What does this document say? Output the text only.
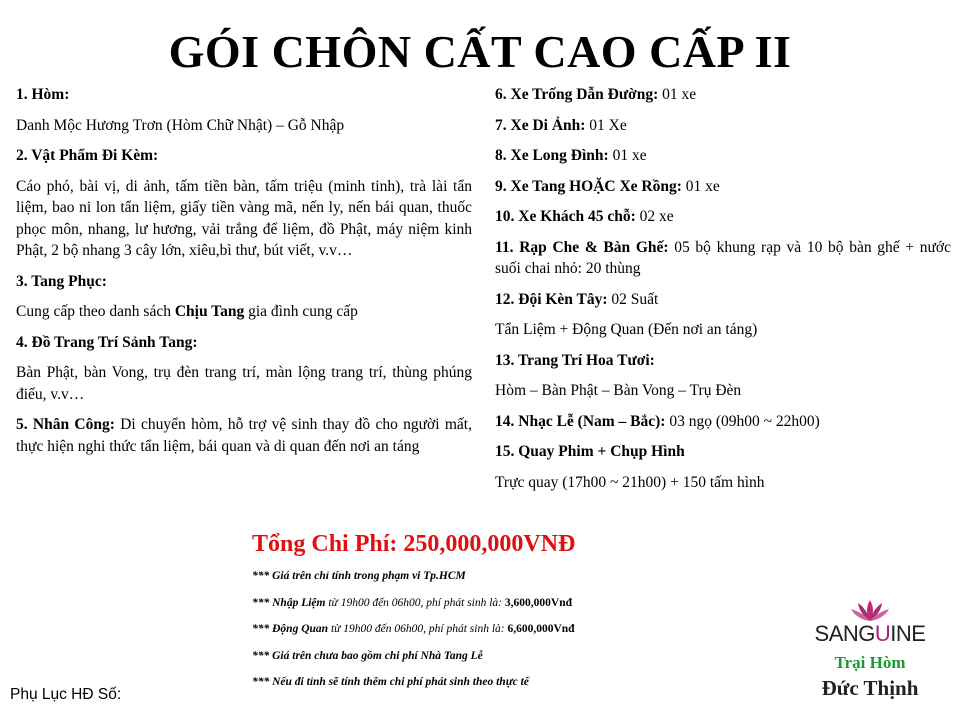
GÓI CHÔN CẤT CAO CẤP II
1. Hòm:
Danh Mộc Hương Trơn (Hòm Chữ Nhật) – Gỗ Nhập
2. Vật Phẩm Đi Kèm:
Cáo phó, bài vị, di ảnh, tấm tiền bàn, tấm triệu (minh tinh), trà lài tẩn liệm, bao ni lon tẩn liệm, giấy tiền vàng mã, nến ly, nến bái quan, thuốc phọc môn, nhang, lư hương, vải trắng để liệm, đồ Phật, máy niệm kinh Phật, 2 bộ nhang 3 cây lớn, xiêu,bì thư, bút viết, v.v…
3. Tang Phục:
Cung cấp theo danh sách Chịu Tang gia đình cung cấp
4. Đồ Trang Trí Sảnh Tang:
Bàn Phật, bàn Vong, trụ đèn trang trí, màn lộng trang trí, thùng phúng điếu, v.v…
5. Nhân Công: Di chuyển hòm, hỗ trợ vệ sinh thay đồ cho người mất, thực hiện nghi thức tẩn liệm, bái quan và di quan đến nơi an táng
6. Xe Trống Dẫn Đường: 01 xe
7. Xe Di Ảnh: 01 Xe
8. Xe Long Đình: 01 xe
9. Xe Tang HOẶC Xe Rồng: 01 xe
10. Xe Khách 45 chỗ: 02 xe
11. Rạp Che & Bàn Ghế: 05 bộ khung rạp và 10 bộ bàn ghế + nước suối chai nhỏ: 20 thùng
12. Đội Kèn Tây: 02 Suất
Tẩn Liệm + Động Quan (Đến nơi an táng)
13. Trang Trí Hoa Tươi:
Hòm – Bàn Phật – Bàn Vong – Trụ Đèn
14. Nhạc Lễ (Nam – Bắc): 03 ngọ (09h00 ~ 22h00)
15. Quay Phim + Chụp Hình
Trực quay (17h00 ~ 21h00) + 150 tấm hình
Tổng Chi Phí: 250,000,000VNĐ
*** Giá trên chỉ tính trong phạm vi Tp.HCM
*** Nhập Liệm từ 19h00 đến 06h00, phí phát sinh là: 3,600,000Vnđ
*** Động Quan từ 19h00 đến 06h00, phí phát sinh là: 6,600,000Vnđ
*** Giá trên chưa bao gồm chi phí Nhà Tang Lễ
*** Nếu đi tỉnh sẽ tính thêm chi phí phát sinh theo thực tế
Phụ Lục HĐ Số:
SANGUINE
Trại Hòm
Đức Thịnh
